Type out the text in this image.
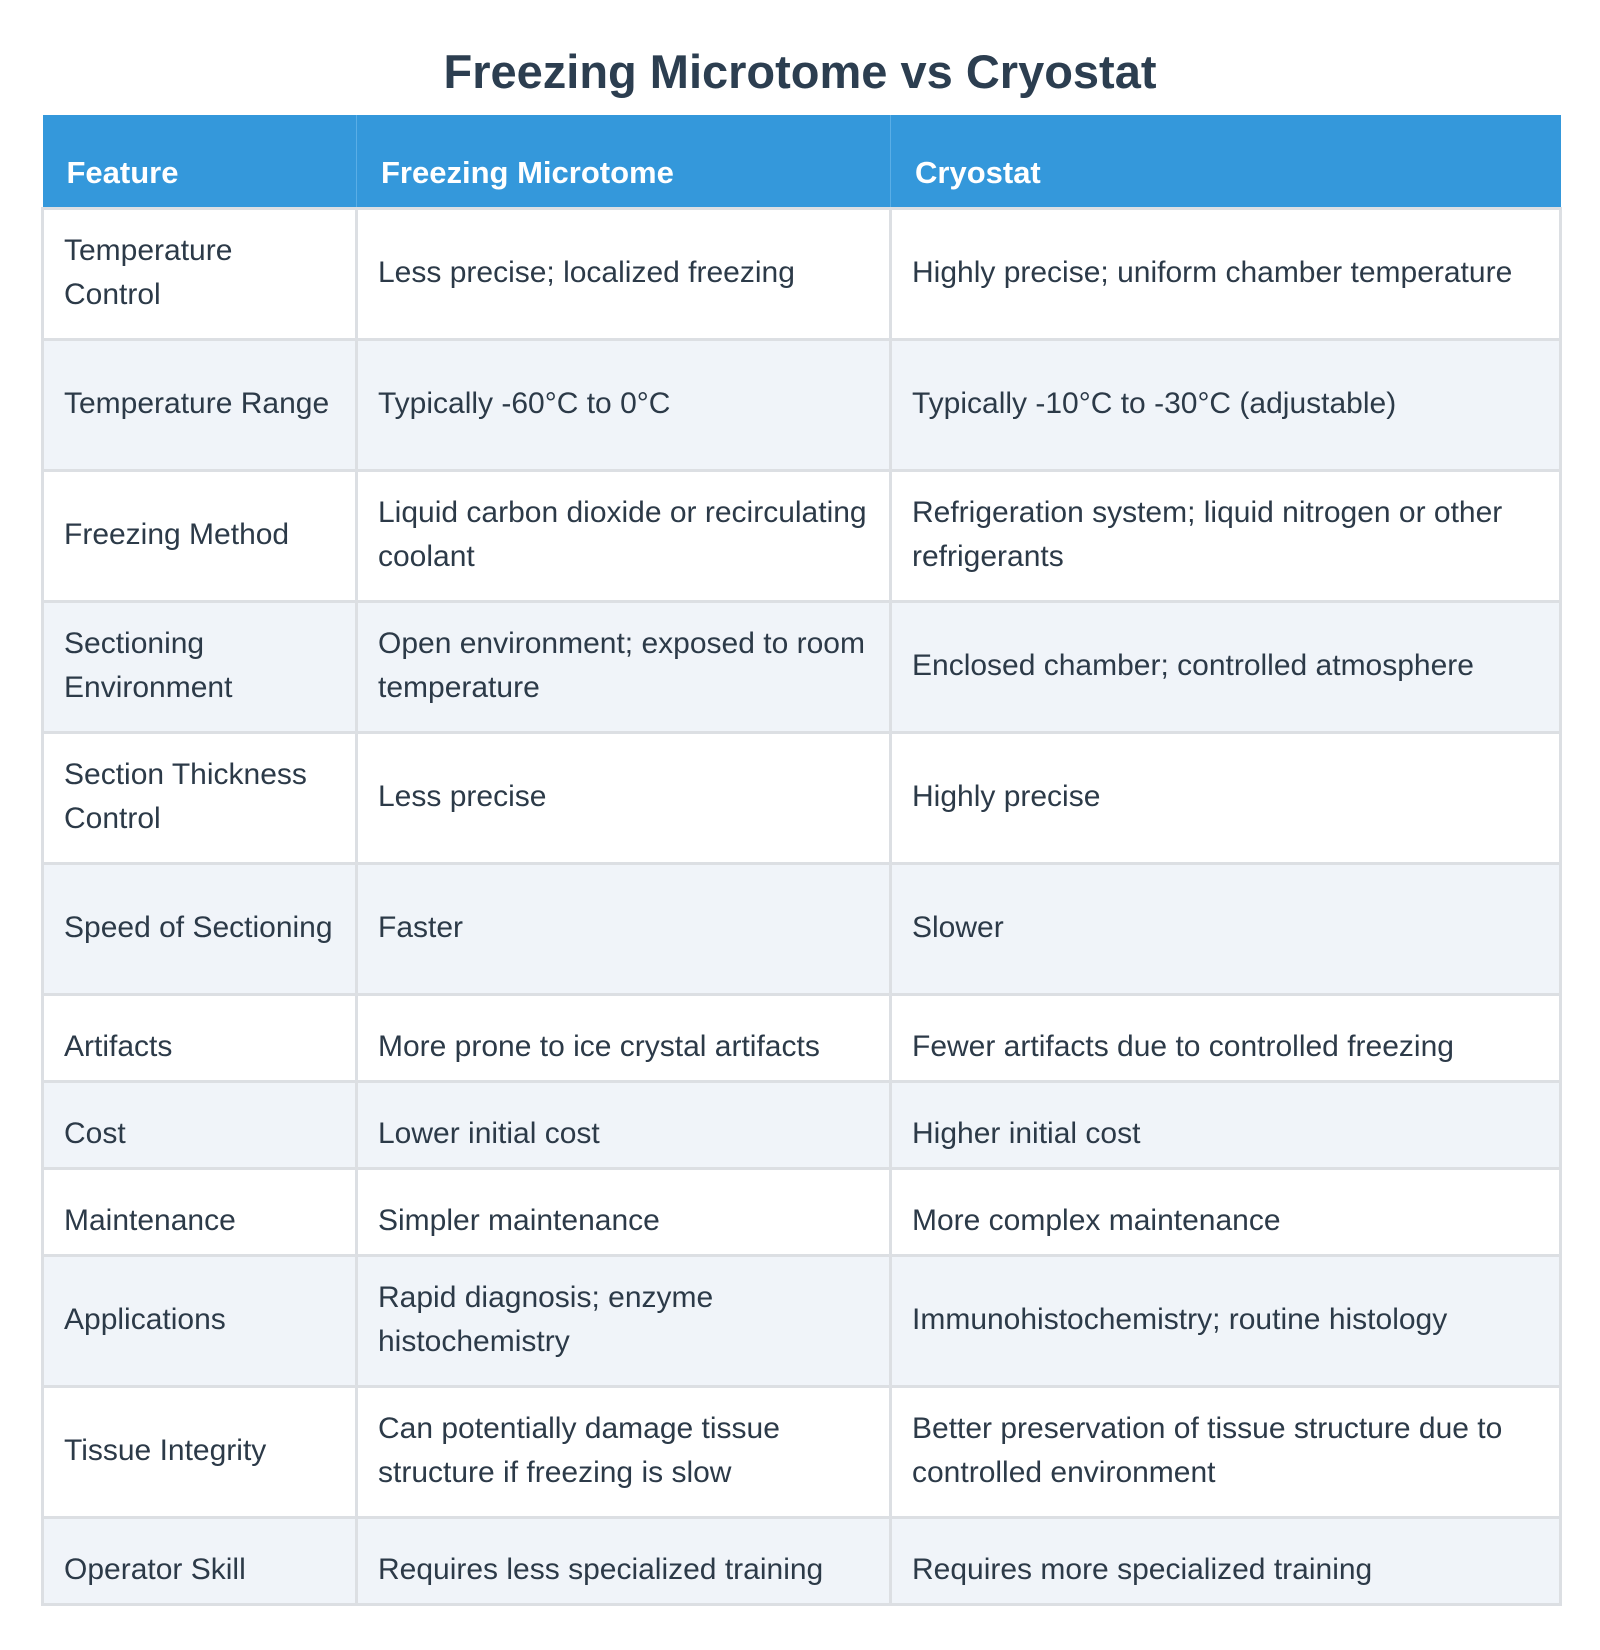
Freezing Microtome vs Cryostat
Feature	Freezing Microtome	Cryostat
Temperature Control	Less precise; localized freezing	Highly precise; uniform chamber temperature
Temperature Range	Typically -60°C to 0°C	Typically -10°C to -30°C (adjustable)
Freezing Method	Liquid carbon dioxide or recirculating coolant	Refrigeration system; liquid nitrogen or other refrigerants
Sectioning Environment	Open environment; exposed to room temperature	Enclosed chamber; controlled atmosphere
Section Thickness Control	Less precise	Highly precise
Speed of Sectioning	Faster	Slower
Artifacts	More prone to ice crystal artifacts	Fewer artifacts due to controlled freezing
Cost	Lower initial cost	Higher initial cost
Maintenance	Simpler maintenance	More complex maintenance
Applications	Rapid diagnosis; enzyme histochemistry	Immunohistochemistry; routine histology
Tissue Integrity	Can potentially damage tissue structure if freezing is slow	Better preservation of tissue structure due to controlled environment
Operator Skill	Requires less specialized training	Requires more specialized training
